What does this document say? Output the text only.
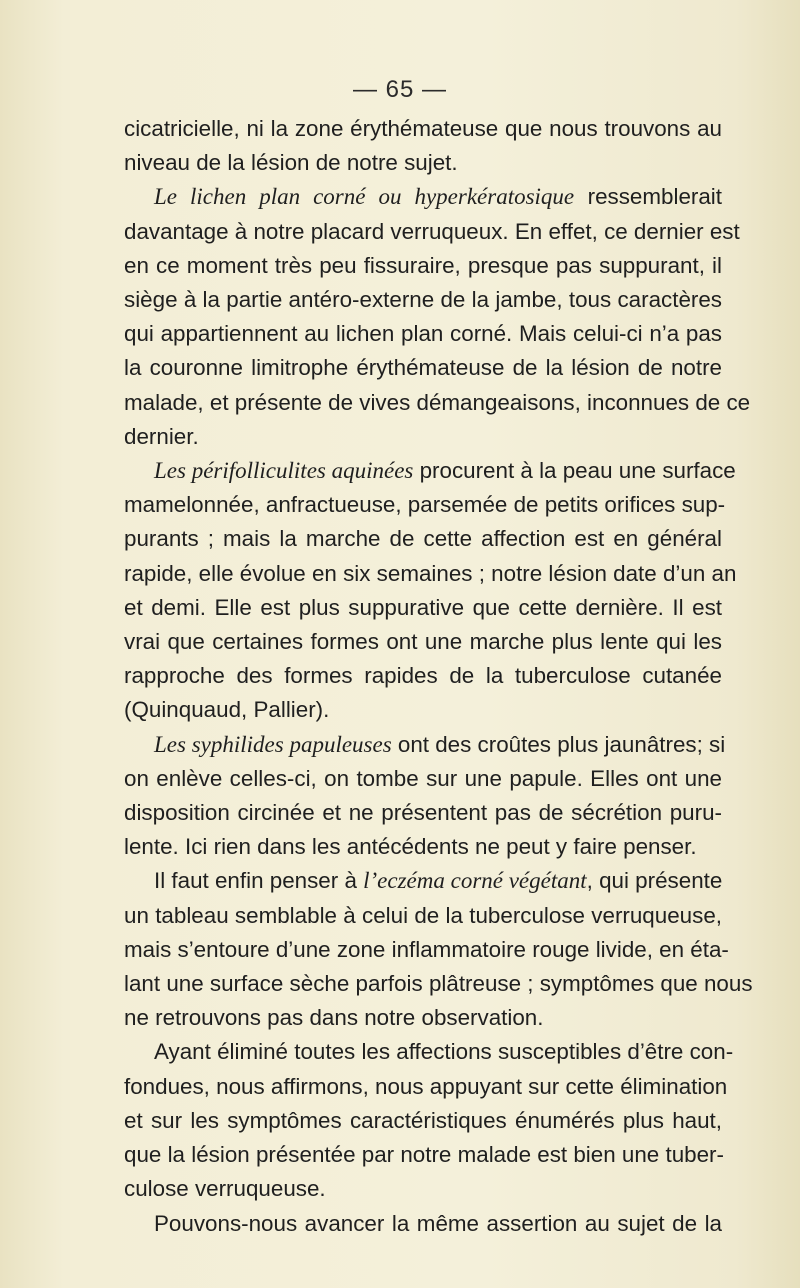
— 65 —
cicatricielle, ni la zone érythémateuse que nous trouvons au
niveau de la lésion de notre sujet.
Le lichen plan corné ou hyperkératosique ressemblerait
davantage à notre placard verruqueux. En effet, ce dernier est
en ce moment très peu fissuraire, presque pas suppurant, il
siège à la partie antéro-externe de la jambe, tous caractères
qui appartiennent au lichen plan corné. Mais celui-ci n’a pas
la couronne limitrophe érythémateuse de la lésion de notre
malade, et présente de vives démangeaisons, inconnues de ce
dernier.
Les périfolliculites aquinées procurent à la peau une surface
mamelonnée, anfractueuse, parsemée de petits orifices sup-
purants ; mais la marche de cette affection est en général
rapide, elle évolue en six semaines ; notre lésion date d’un an
et demi. Elle est plus suppurative que cette dernière. Il est
vrai que certaines formes ont une marche plus lente qui les
rapproche des formes rapides de la tuberculose cutanée
(Quinquaud, Pallier).
Les syphilides papuleuses ont des croûtes plus jaunâtres; si
on enlève celles-ci, on tombe sur une papule. Elles ont une
disposition circinée et ne présentent pas de sécrétion puru-
lente. Ici rien dans les antécédents ne peut y faire penser.
Il faut enfin penser à l’eczéma corné végétant, qui présente
un tableau semblable à celui de la tuberculose verruqueuse,
mais s’entoure d’une zone inflammatoire rouge livide, en éta-
lant une surface sèche parfois plâtreuse ; symptômes que nous
ne retrouvons pas dans notre observation.
Ayant éliminé toutes les affections susceptibles d’être con-
fondues, nous affirmons, nous appuyant sur cette élimination
et sur les symptômes caractéristiques énumérés plus haut,
que la lésion présentée par notre malade est bien une tuber-
culose verruqueuse.
Pouvons-nous avancer la même assertion au sujet de la
